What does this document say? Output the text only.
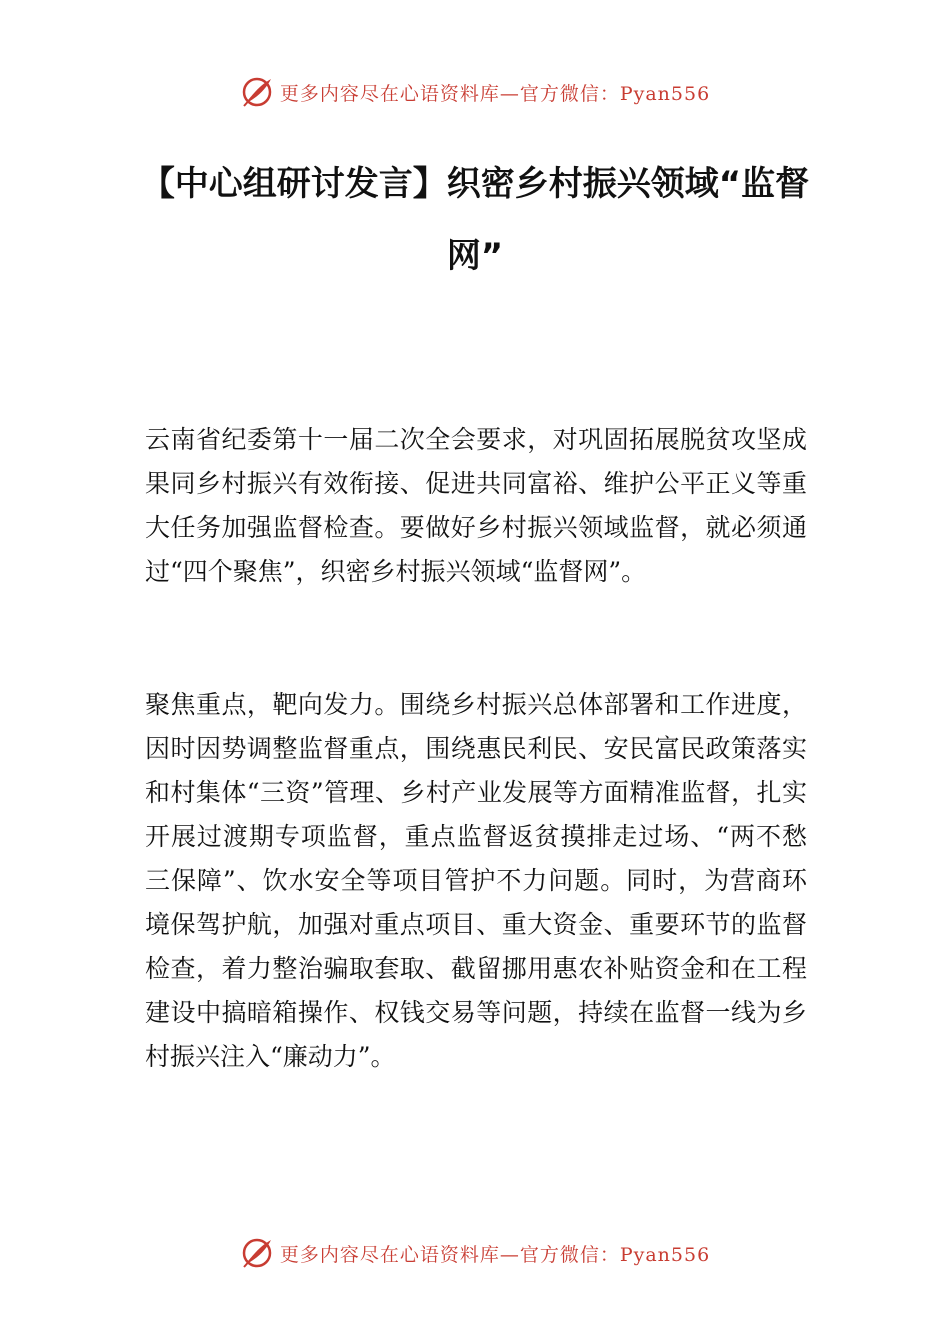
更多内容尽在心语资料库—官方微信：Pyan556
【中心组研讨发言】织密乡村振兴领域“监督网”

云南省纪委第十一届二次全会要求，对巩固拓展脱贫攻坚成果同乡村振兴有效衔接、促进共同富裕、维护公平正义等重大任务加强监督检查。要做好乡村振兴领域监督，就必须通过“四个聚焦”，织密乡村振兴领域“监督网”。

聚焦重点，靶向发力。围绕乡村振兴总体部署和工作进度，因时因势调整监督重点，围绕惠民利民、安民富民政策落实和村集体“三资”管理、乡村产业发展等方面精准监督，扎实开展过渡期专项监督，重点监督返贫摸排走过场、“两不愁三保障”、饮水安全等项目管护不力问题。同时，为营商环境保驾护航，加强对重点项目、重大资金、重要环节的监督检查，着力整治骗取套取、截留挪用惠农补贴资金和在工程建设中搞暗箱操作、权钱交易等问题，持续在监督一线为乡村振兴注入“廉动力”。

更多内容尽在心语资料库—官方微信：Pyan556
